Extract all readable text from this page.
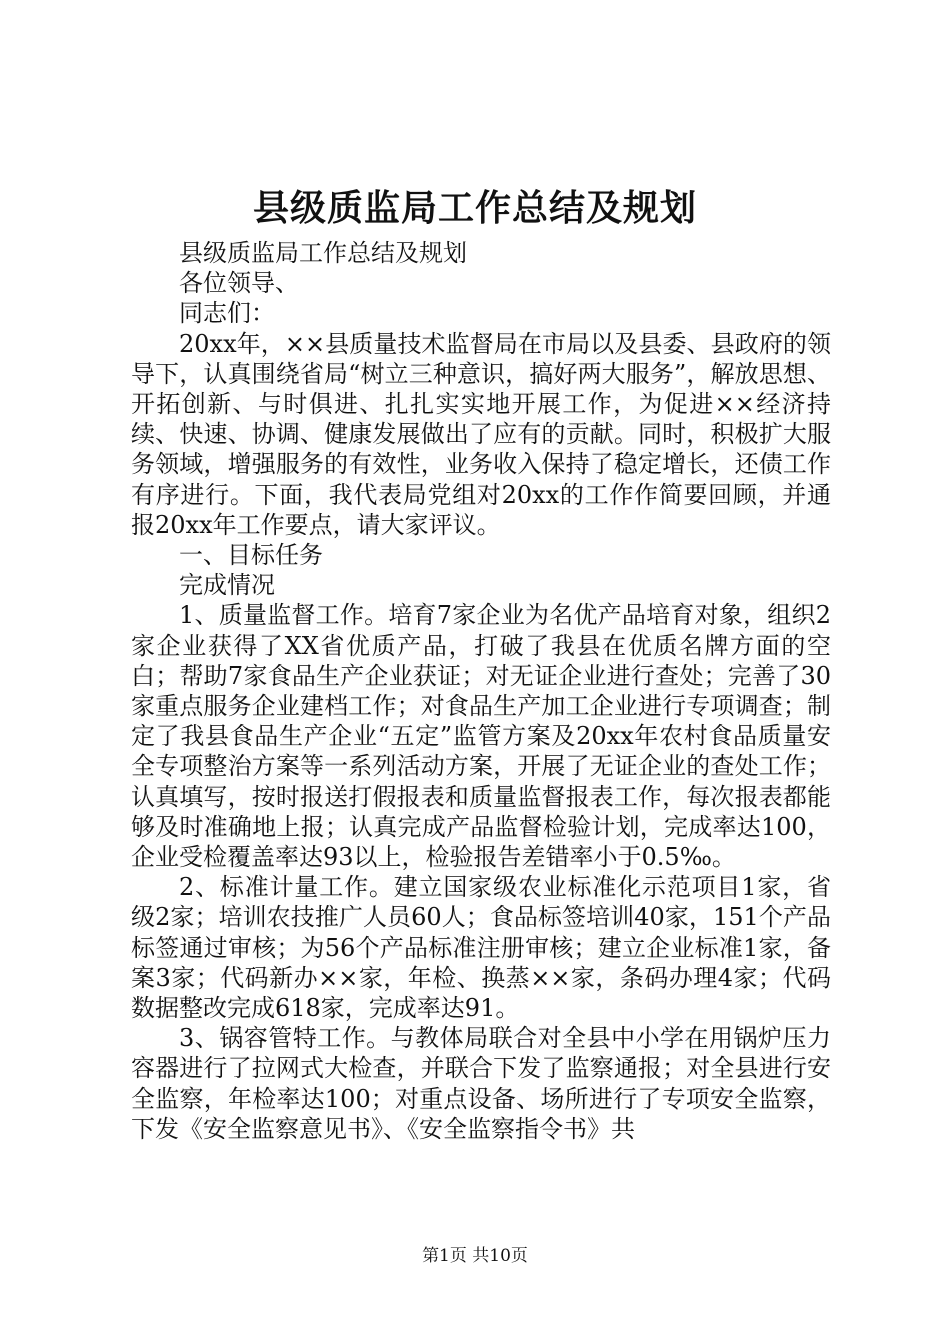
县级质监局工作总结及规划

县级质监局工作总结及规划

各位领导、

同志们：

20xx年，××县质量技术监督局在市局以及县委、县政府的领导下，认真围绕省局“树立三种意识，搞好两大服务”，解放思想、开拓创新、与时俱进、扎扎实实地开展工作，为促进××经济持续、快速、协调、健康发展做出了应有的贡献。同时，积极扩大服务领域，增强服务的有效性，业务收入保持了稳定增长，还债工作有序进行。下面，我代表局党组对20xx的工作作简要回顾，并通报20xx年工作要点，请大家评议。

一、目标任务

完成情况

1、质量监督工作。培育7家企业为名优产品培育对象，组织2家企业获得了XX省优质产品，打破了我县在优质名牌方面的空白；帮助7家食品生产企业获证；对无证企业进行查处；完善了30家重点服务企业建档工作；对食品生产加工企业进行专项调查；制定了我县食品生产企业“五定”监管方案及20xx年农村食品质量安全专项整治方案等一系列活动方案，开展了无证企业的查处工作；认真填写，按时报送打假报表和质量监督报表工作，每次报表都能够及时准确地上报；认真完成产品监督检验计划，完成率达100，企业受检覆盖率达93以上，检验报告差错率小于0.5‰。

2、标准计量工作。建立国家级农业标准化示范项目1家，省级2家；培训农技推广人员60人；食品标签培训40家，151个产品标签通过审核；为56个产品标准注册审核；建立企业标准1家，备案3家；代码新办××家，年检、换蒸××家，条码办理4家；代码数据整改完成618家，完成率达91。

3、锅容管特工作。与教体局联合对全县中小学在用锅炉压力容器进行了拉网式大检查，并联合下发了监察通报；对全县进行安全监察，年检率达100；对重点设备、场所进行了专项安全监察，下发《安全监察意见书》、《安全监察指令书》共

第1页 共10页
